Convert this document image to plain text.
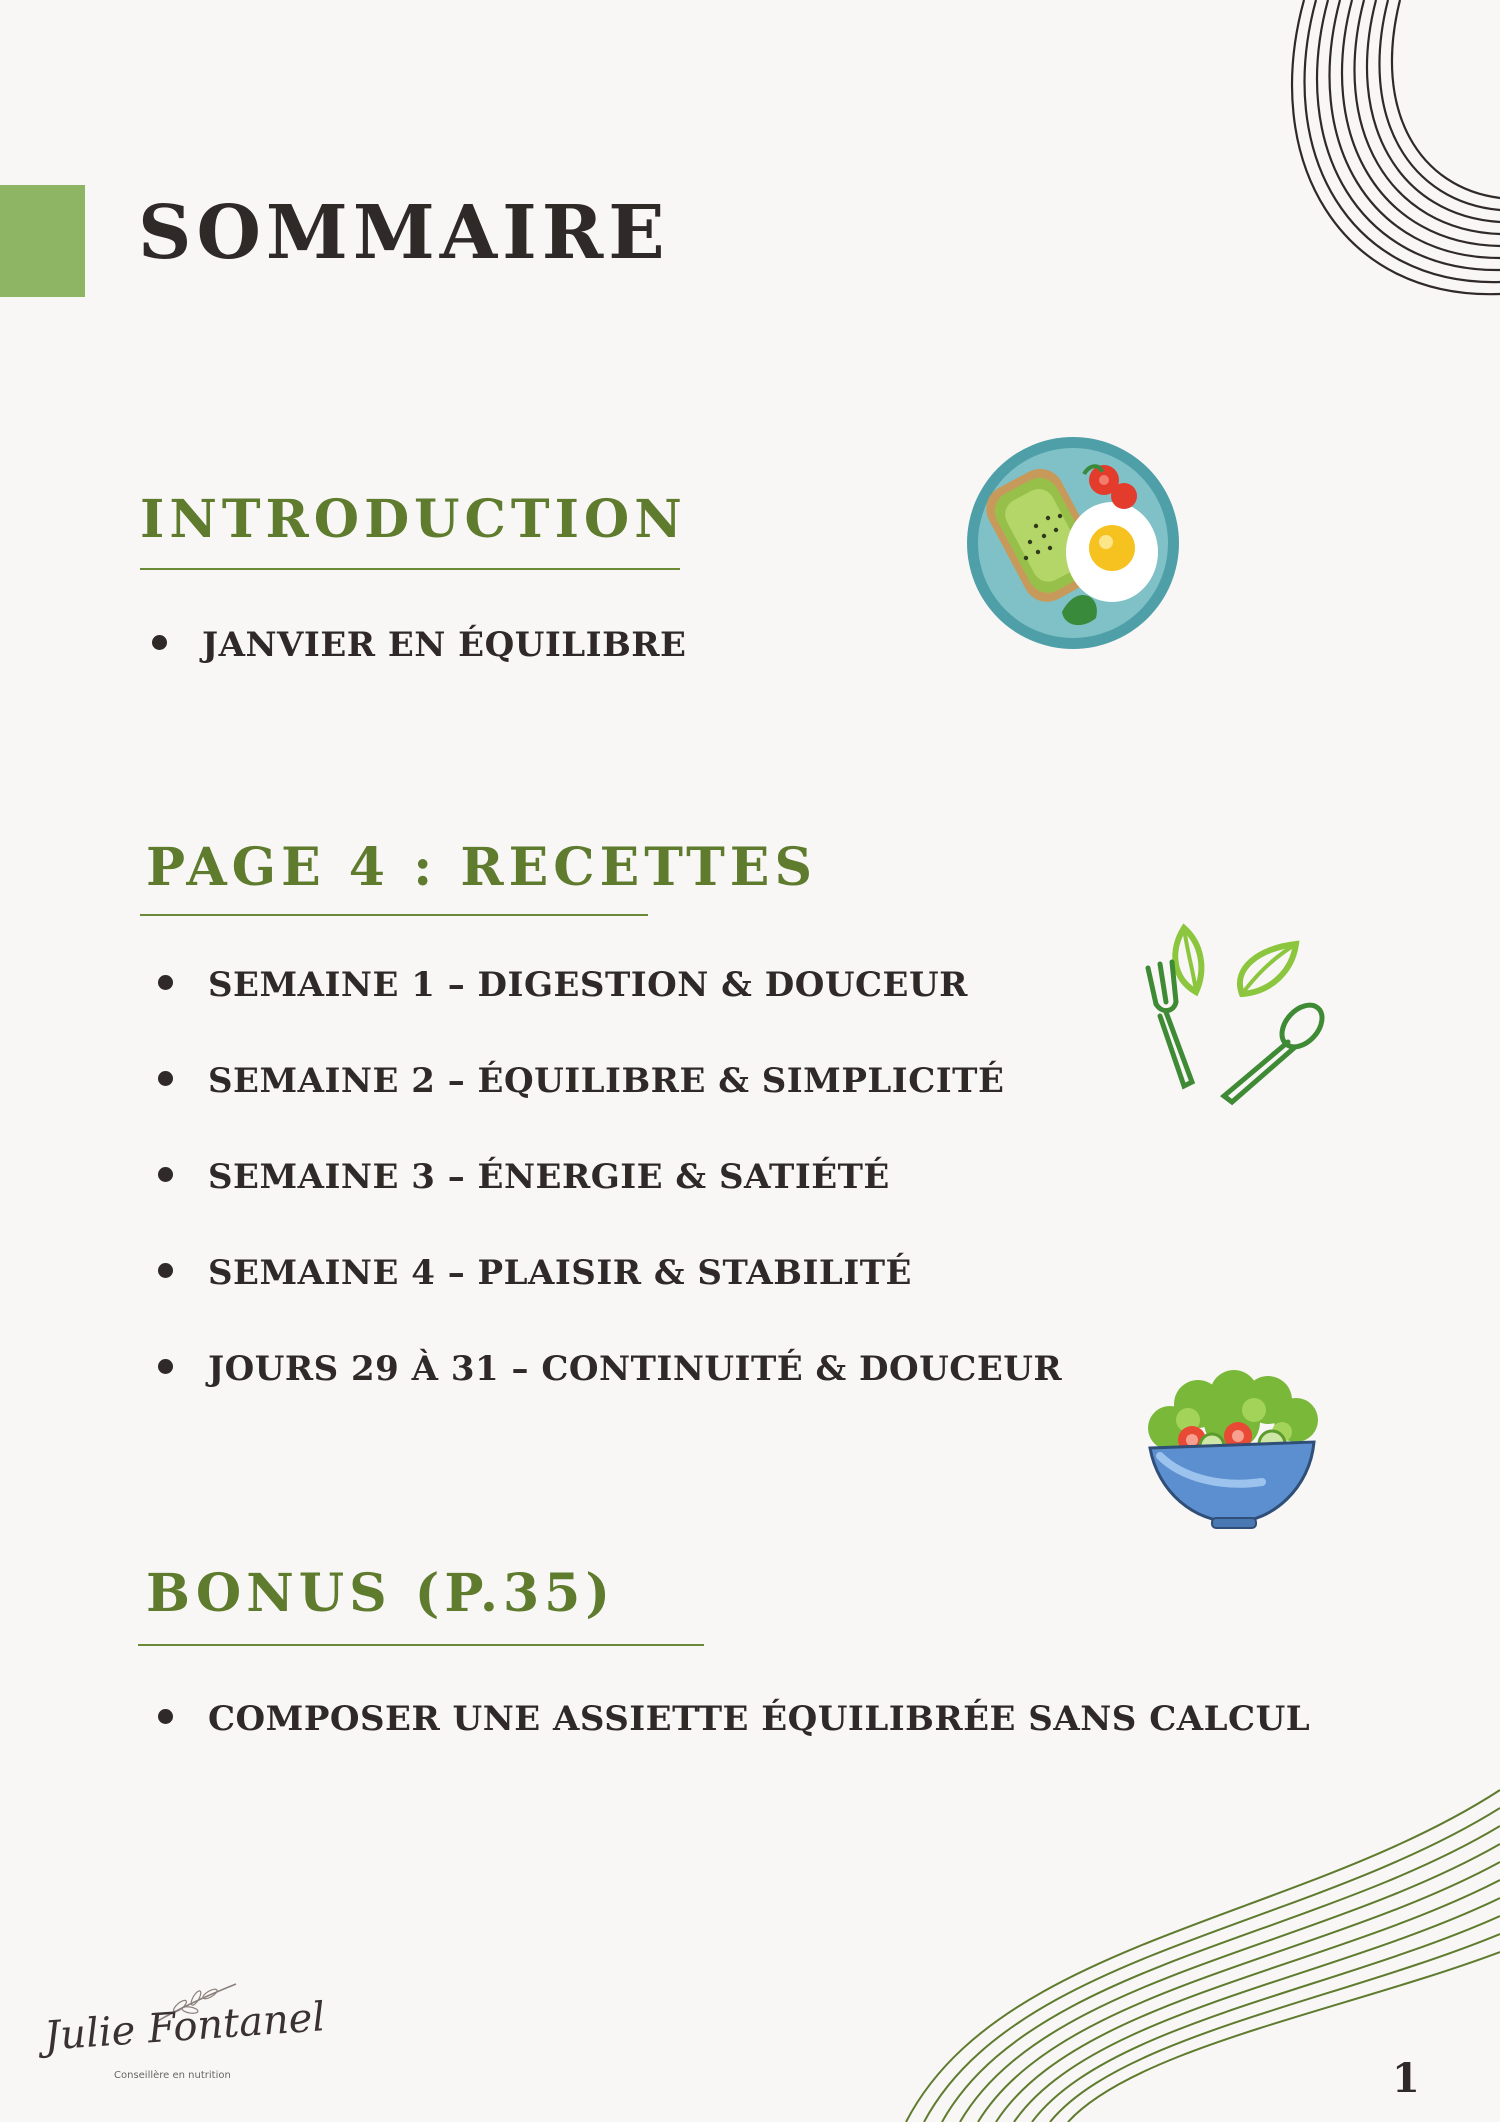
SOMMAIRE
INTRODUCTION
JANVIER EN ÉQUILIBRE
PAGE 4 : RECETTES
SEMAINE 1 – DIGESTION & DOUCEUR
SEMAINE 2 – ÉQUILIBRE & SIMPLICITÉ
SEMAINE 3 – ÉNERGIE & SATIÉTÉ
SEMAINE 4 – PLAISIR & STABILITÉ
JOURS 29 À 31 – CONTINUITÉ & DOUCEUR
BONUS (P.35)
COMPOSER UNE ASSIETTE ÉQUILIBRÉE SANS CALCUL
Julie Fontanel
Conseillère en nutrition	1
